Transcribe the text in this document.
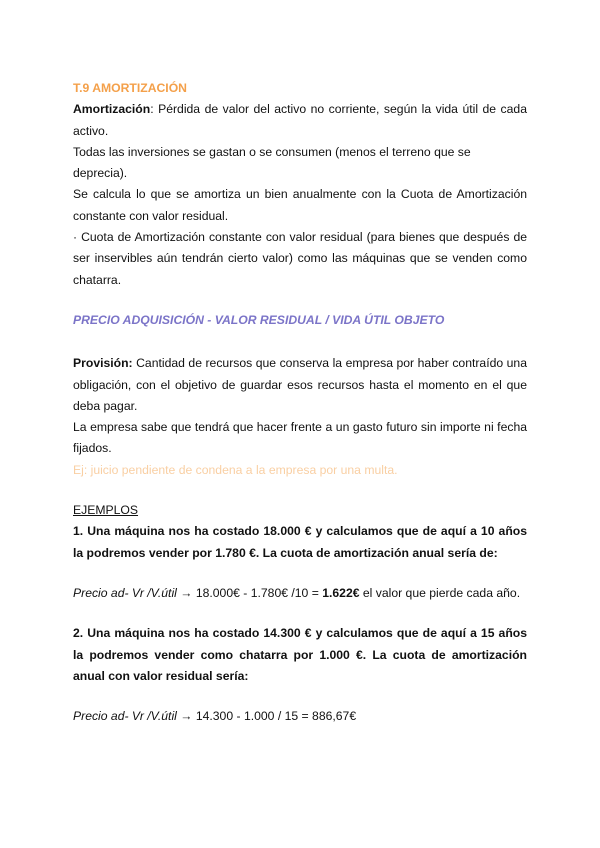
T.9 AMORTIZACIÓN

Amortización: Pérdida de valor del activo no corriente, según la vida útil de cada activo.

Todas las inversiones se gastan o se consumen (menos el terreno que se deprecia).

Se calcula lo que se amortiza un bien anualmente con la Cuota de Amortización constante con valor residual.

· Cuota de Amortización constante con valor residual (para bienes que después de ser inservibles aún tendrán cierto valor) como las máquinas que se venden como chatarra.

PRECIO ADQUISICIÓN - VALOR RESIDUAL / VIDA ÚTIL OBJETO

Provisión: Cantidad de recursos que conserva la empresa por haber contraído una obligación, con el objetivo de guardar esos recursos hasta el momento en el que deba pagar.

La empresa sabe que tendrá que hacer frente a un gasto futuro sin importe ni fecha fijados.

Ej: juicio pendiente de condena a la empresa por una multa.

EJEMPLOS

1. Una máquina nos ha costado 18.000 € y calculamos que de aquí a 10 años la podremos vender por 1.780 €. La cuota de amortización anual sería de:

Precio ad- Vr /V.útil → 18.000€ - 1.780€ /10 = 1.622€ el valor que pierde cada año.

2. Una máquina nos ha costado 14.300 € y calculamos que de aquí a 15 años la podremos vender como chatarra por 1.000 €. La cuota de amortización anual con valor residual sería:

Precio ad- Vr /V.útil → 14.300 - 1.000 / 15 = 886,67€
